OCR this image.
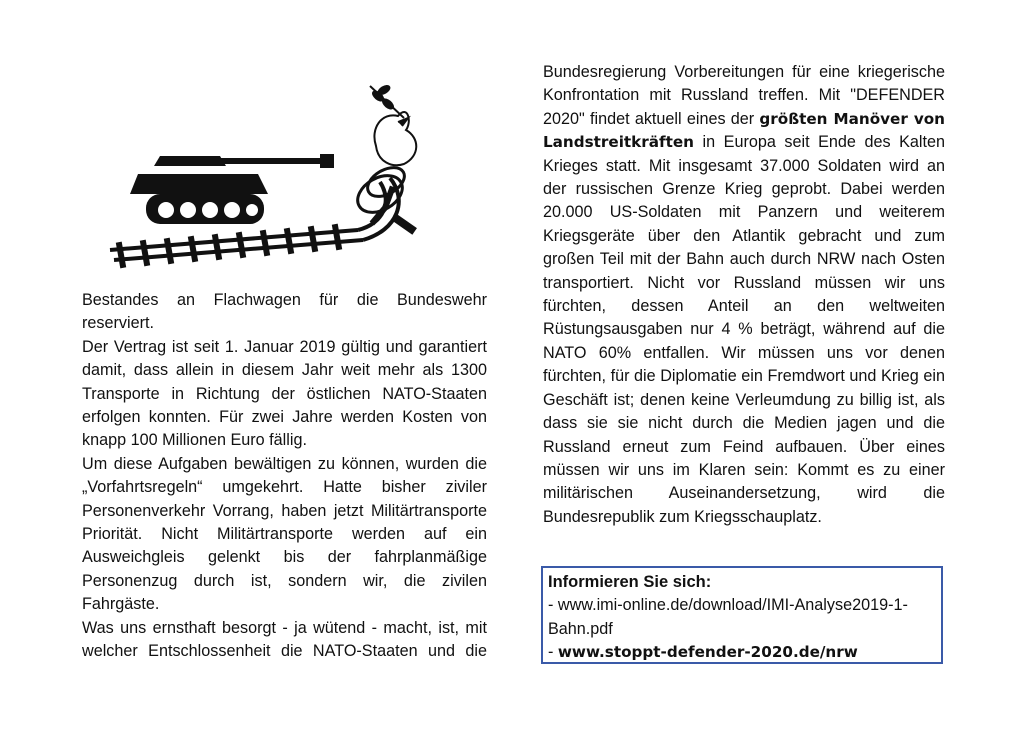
Bestandes an Flachwagen für die Bundeswehr reserviert.

Der Vertrag ist seit 1. Januar 2019 gültig und garantiert damit, dass allein in diesem Jahr weit mehr als 1300 Transporte in Richtung der östlichen NATO-Staaten erfolgen konnten. Für zwei Jahre werden Kosten von knapp 100 Millionen Euro fällig.

Um diese Aufgaben bewältigen zu können, wurden die „Vorfahrtsregeln“ umgekehrt. Hatte bisher ziviler Personenverkehr Vorrang, haben jetzt Militärtransporte Priorität. Nicht Militärtransporte werden auf ein Ausweichgleis gelenkt bis der fahrplanmäßige Personenzug durch ist, sondern wir, die zivilen Fahrgäste.

Was uns ernsthaft besorgt - ja wütend - macht, ist, mit welcher Entschlossenheit die NATO-Staaten und die

Bundesregierung Vorbereitungen für eine kriegerische Konfrontation mit Russland treffen. Mit "DEFENDER 2020" findet aktuell eines der größten Manöver von Landstreitkräften in Europa seit Ende des Kalten Krieges statt. Mit insgesamt 37.000 Soldaten wird an der russischen Grenze Krieg geprobt. Dabei werden 20.000 US-Soldaten mit Panzern und weiterem Kriegsgeräte über den Atlantik gebracht und zum großen Teil mit der Bahn auch durch NRW nach Osten transportiert. Nicht vor Russland müssen wir uns fürchten, dessen Anteil an den weltweiten Rüstungsausgaben nur 4 % beträgt, während auf die NATO 60% entfallen. Wir müssen uns vor denen fürchten, für die Diplomatie ein Fremdwort und Krieg ein Geschäft ist; denen keine Verleumdung zu billig ist, als dass sie sie nicht durch die Medien jagen und die Russland erneut zum Feind aufbauen. Über eines müssen wir uns im Klaren sein: Kommt es zu einer militärischen Auseinandersetzung, wird die Bundesrepublik zum Kriegsschauplatz.

Informieren Sie sich:
- www.imi-online.de/download/IMI-Analyse2019-1-Bahn.pdf
- www.stoppt-defender-2020.de/nrw
